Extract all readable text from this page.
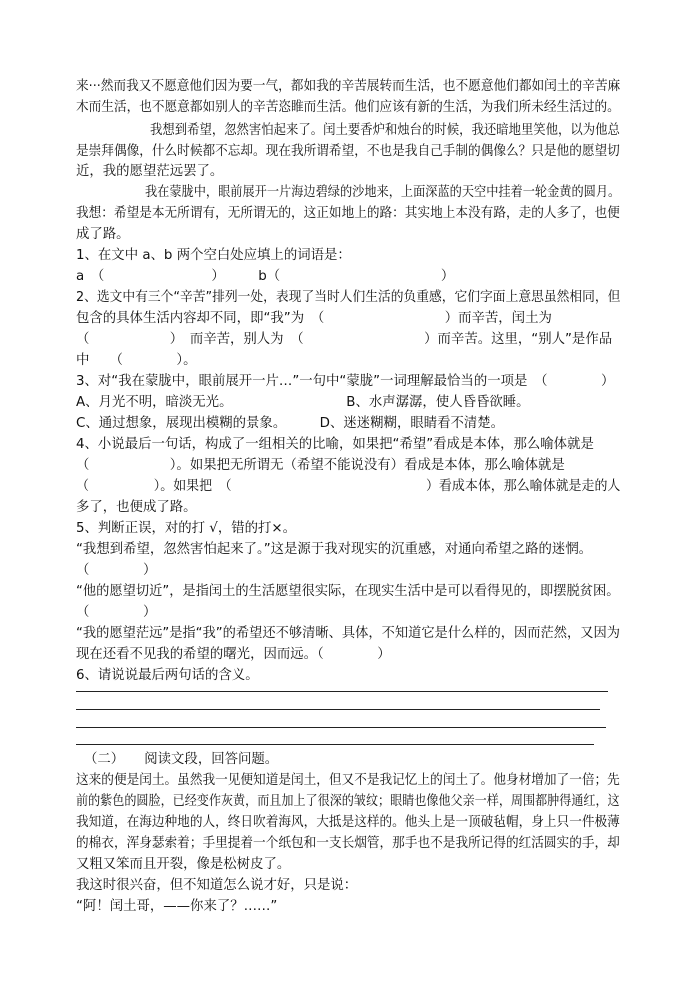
来···然而我又不愿意他们因为要一气，都如我的辛苦展转而生活，也不愿意他们都如闰土的辛苦麻
木而生活，也不愿意都如别人的辛苦恣睢而生活。他们应该有新的生活，为我们所未经生活过的。
我想到希望，忽然害怕起来了。闰土要香炉和烛台的时候，我还暗地里笑他，以为他总
是崇拜偶像，什么时候都不忘却。现在我所谓希望，不也是我自己手制的偶像么？只是他的愿望切
近，我的愿望茫远罢了。
我在蒙胧中，眼前展开一片海边碧绿的沙地来，上面深蓝的天空中挂着一轮金黄的圆月。
我想：希望是本无所谓有，无所谓无的，这正如地上的路：其实地上本没有路，走的人多了，也便
成了路。
1、在文中 a、b 两个空白处应填上的词语是：
a　（　　　　　　　　）　　　b（　　　　　　　　　　　　）
2、选文中有三个“辛苦”排列一处，表现了当时人们生活的负重感，它们字面上意思虽然相同，但
包含的具体生活内容却不同，即“我”为　（　　　　　　　　　）而辛苦，闰土为
（　　　　　　）　而辛苦，别人为　（　　　　　　　　　）而辛苦。这里，“别人”是作品
中　　（　　　　）。
3、对“我在蒙胧中，眼前展开一片…”一句中“蒙胧”一词理解最恰当的一项是　（　　　　）
A、月光不明，暗淡无光。　　　　　　　　　B、水声潺潺，使人昏昏欲睡。
C、通过想象，展现出模糊的景象。　　　D、迷迷糊糊，眼睛看不清楚。
4、小说最后一句话，构成了一组相关的比喻，如果把“希望”看成是本体，那么喻体就是
（　　　　　　）。如果把无所谓无（希望不能说没有）看成是本体，那么喻体就是
（　　　　　）。如果把　（　　　　　　　　　　　　　　　）看成本体，那么喻体就是走的人
多了，也便成了路。
5、判断正误，对的打 √，错的打×。
“我想到希望，忽然害怕起来了。”这是源于我对现实的沉重感，对通向希望之路的迷惘。
（　　　　）
“他的愿望切近”，是指闰土的生活愿望很实际，在现实生活中是可以看得见的，即摆脱贫困。
（　　　　）
“我的愿望茫远”是指“我”的希望还不够清晰、具体，不知道它是什么样的，因而茫然，又因为
现在还看不见我的希望的曙光，因而远。（　　　　）
6、请说说最后两句话的含义。
（二）　　阅读文段，回答问题。
这来的便是闰土。虽然我一见便知道是闰土，但又不是我记忆上的闰土了。他身材增加了一倍；先
前的紫色的圆脸，已经变作灰黄，而且加上了很深的皱纹；眼睛也像他父亲一样，周围都肿得通红，这
我知道，在海边种地的人，终日吹着海风，大抵是这样的。他头上是一顶破毡帽，身上只一件极薄
的棉衣，浑身瑟索着；手里提着一个纸包和一支长烟管，那手也不是我所记得的红活圆实的手，却
又粗又笨而且开裂，像是松树皮了。
我这时很兴奋，但不知道怎么说才好，只是说：
“阿！闰土哥，——你来了？……”
